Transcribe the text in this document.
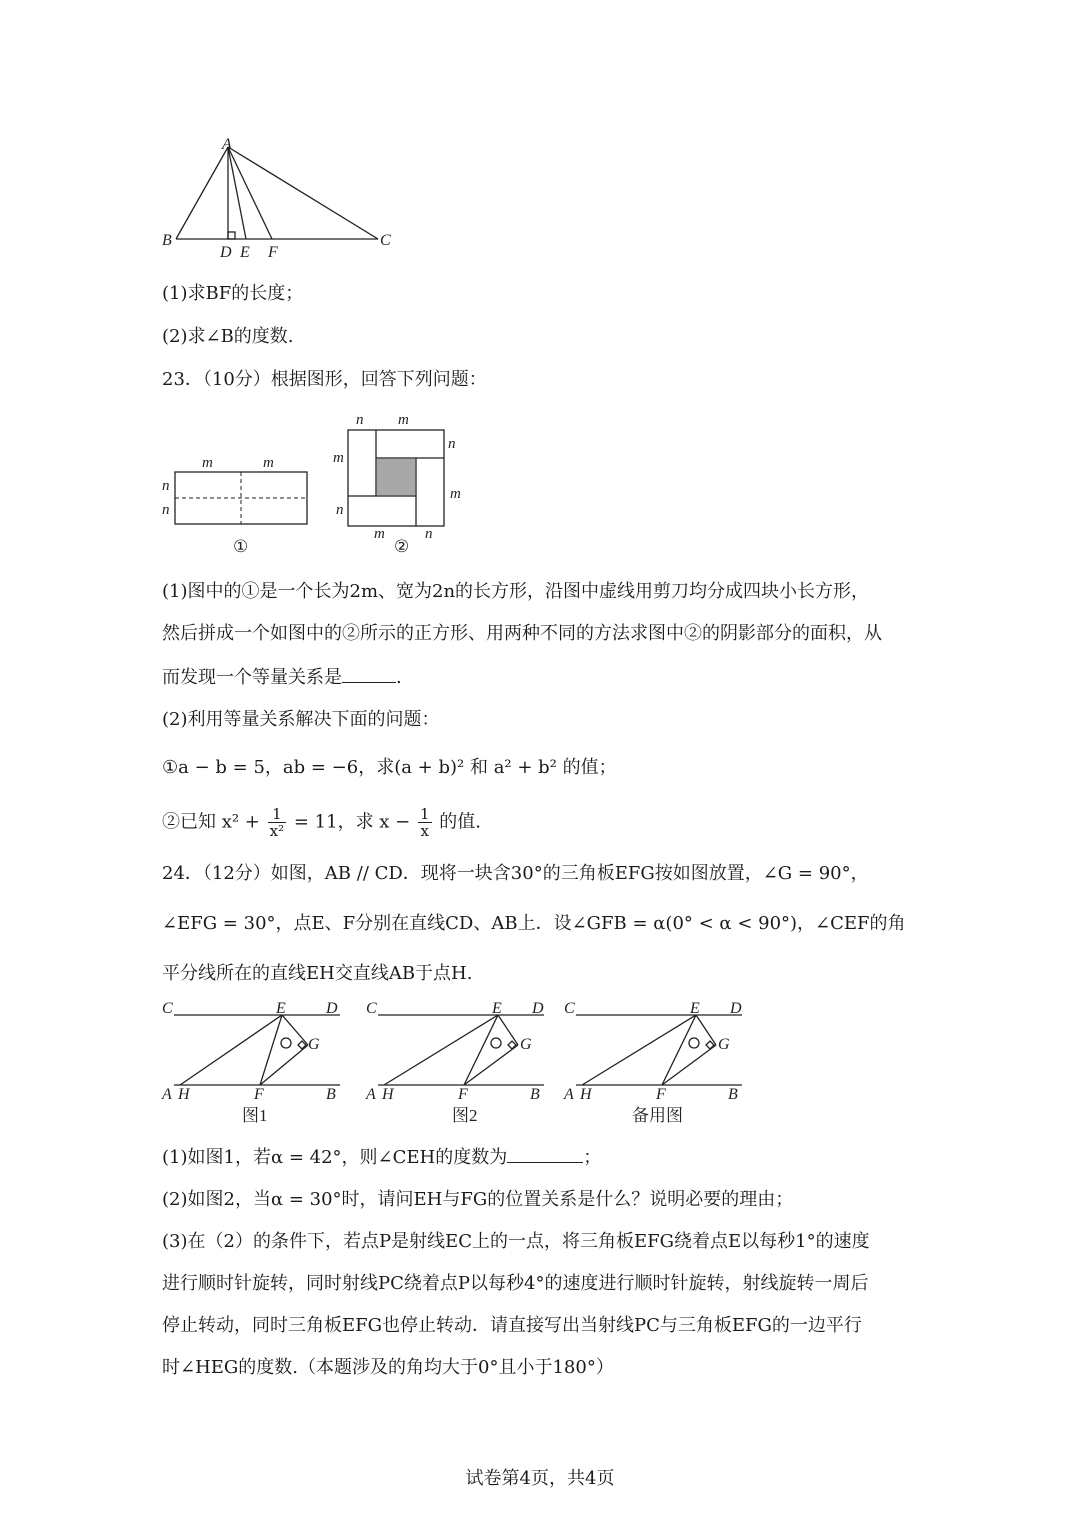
A
B	C
D E F
(1)求BF的长度；
(2)求∠B的度数.
23．（10分）根据图形，回答下列问题：
m	m
n
n
①
n m
n
m
m
n
m	n
②
(1)图中的①是一个长为2m、宽为2n的长方形，沿图中虚线用剪刀均分成四块小长方形，
然后拼成一个如图中的②所示的正方形、用两种不同的方法求图中②的阴影部分的面积，从
而发现一个等量关系是	.
(2)利用等量关系解决下面的问题：
①a − b = 5，ab = −6，求(a + b)² 和 a² + b² 的值；
②已知 $x^2 + \frac{1}{\text{x²}} = 11$，求 $x - \frac{1}{x}$ 的值.
24．（12分）如图，AB // CD．现将一块含30°的三角板EFG按如图放置，∠G = 90°，
∠EFG = 30°，点E、F分别在直线CD、AB上．设∠GFB = α(0° < α < 90°)，∠CEF的角
平分线所在的直线EH交直线AB于点H.
C	E	D
G
A H	F	B
图1
C	E D
G
A H	F	B
图2
C	E D
G
A H	F	B
备用图
(1)如图1，若α = 42°，则∠CEH的度数为	；
(2)如图2，当α = 30°时，请问EH与FG的位置关系是什么？说明必要的理由；
(3)在（2）的条件下，若点P是射线EC上的一点，将三角板EFG绕着点E以每秒1°的速度
进行顺时针旋转，同时射线PC绕着点P以每秒4°的速度进行顺时针旋转，射线旋转一周后
停止转动，同时三角板EFG也停止转动．请直接写出当射线PC与三角板EFG的一边平行
时∠HEG的度数.（本题涉及的角均大于0°且小于180°）
试卷第4页，共4页
